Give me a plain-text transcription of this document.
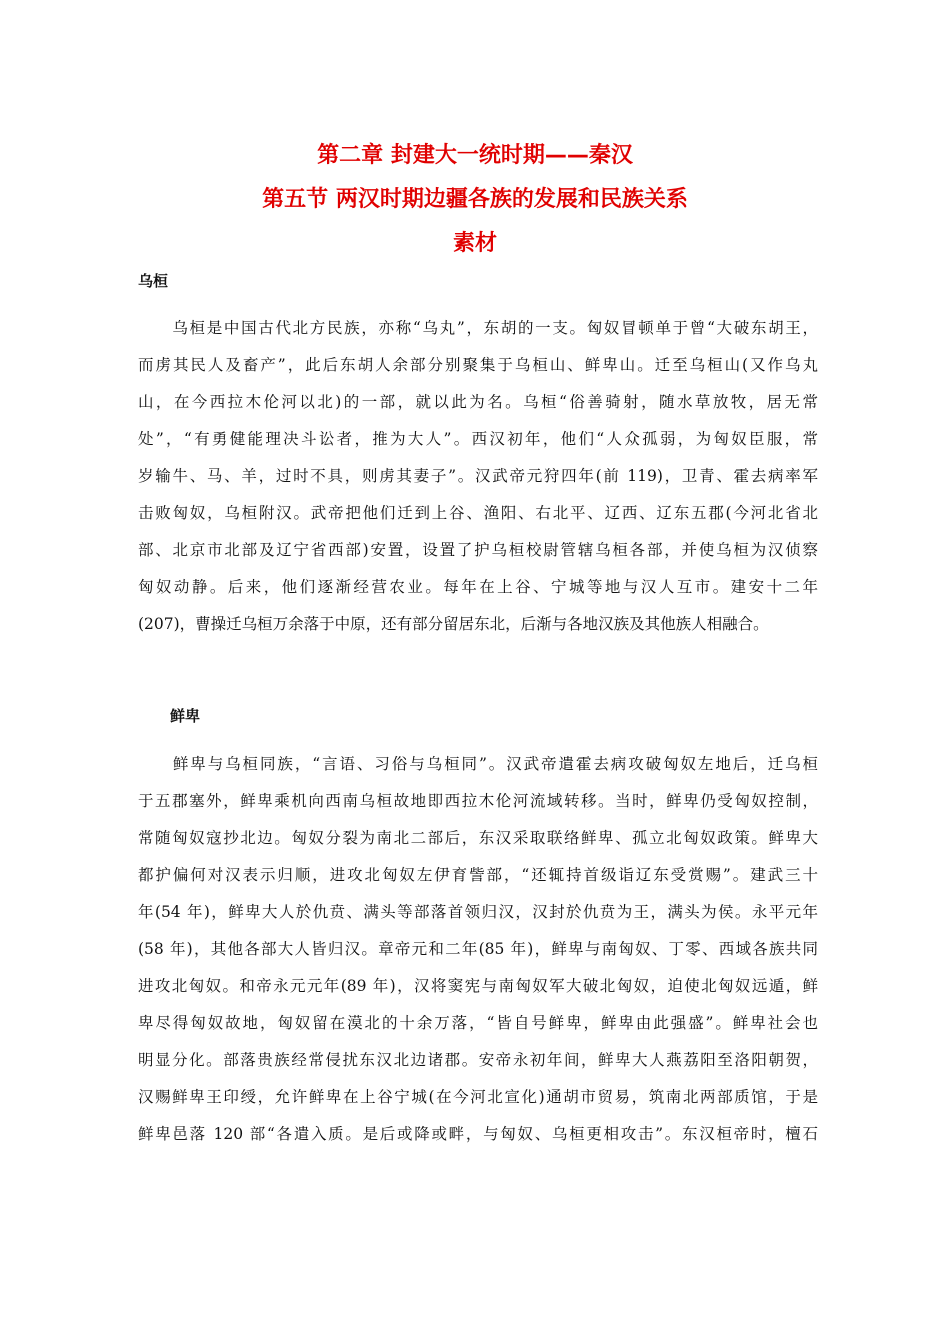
第二章 封建大一统时期——秦汉
第五节 两汉时期边疆各族的发展和民族关系
素材
乌桓
　　乌桓是中国古代北方民族，亦称“乌丸”，东胡的一支。匈奴冒顿单于曾“大破东胡王，
而虏其民人及畜产”，此后东胡人余部分别聚集于乌桓山、鲜卑山。迁至乌桓山(又作乌丸
山，在今西拉木伦河以北)的一部，就以此为名。乌桓“俗善骑射，随水草放牧，居无常
处”，“有勇健能理决斗讼者，推为大人”。西汉初年，他们“人众孤弱，为匈奴臣服，常
岁输牛、马、羊，过时不具，则虏其妻子”。汉武帝元狩四年(前 119)，卫青、霍去病率军
击败匈奴，乌桓附汉。武帝把他们迁到上谷、渔阳、右北平、辽西、辽东五郡(今河北省北
部、北京市北部及辽宁省西部)安置，设置了护乌桓校尉管辖乌桓各部，并使乌桓为汉侦察
匈奴动静。后来，他们逐渐经营农业。每年在上谷、宁城等地与汉人互市。建安十二年
(207)，曹操迁乌桓万余落于中原，还有部分留居东北，后渐与各地汉族及其他族人相融合。
鲜卑
　　鲜卑与乌桓同族，“言语、习俗与乌桓同”。汉武帝遣霍去病攻破匈奴左地后，迁乌桓
于五郡塞外，鲜卑乘机向西南乌桓故地即西拉木伦河流域转移。当时，鲜卑仍受匈奴控制，
常随匈奴寇抄北边。匈奴分裂为南北二部后，东汉采取联络鲜卑、孤立北匈奴政策。鲜卑大
都护偏何对汉表示归顺，进攻北匈奴左伊育訾部，“还辄持首级诣辽东受赏赐”。建武三十
年(54 年)，鲜卑大人於仇贲、满头等部落首领归汉，汉封於仇贲为王，满头为侯。永平元年
(58 年)，其他各部大人皆归汉。章帝元和二年(85 年)，鲜卑与南匈奴、丁零、西域各族共同
进攻北匈奴。和帝永元元年(89 年)，汉将窦宪与南匈奴军大破北匈奴，迫使北匈奴远遁，鲜
卑尽得匈奴故地，匈奴留在漠北的十余万落，“皆自号鲜卑，鲜卑由此强盛”。鲜卑社会也
明显分化。部落贵族经常侵扰东汉北边诸郡。安帝永初年间，鲜卑大人燕荔阳至洛阳朝贺，
汉赐鲜卑王印绶，允许鲜卑在上谷宁城(在今河北宣化)通胡市贸易，筑南北两部质馆，于是
鲜卑邑落 120 部“各遣入质。是后或降或畔，与匈奴、乌桓更相攻击”。东汉桓帝时，檀石
